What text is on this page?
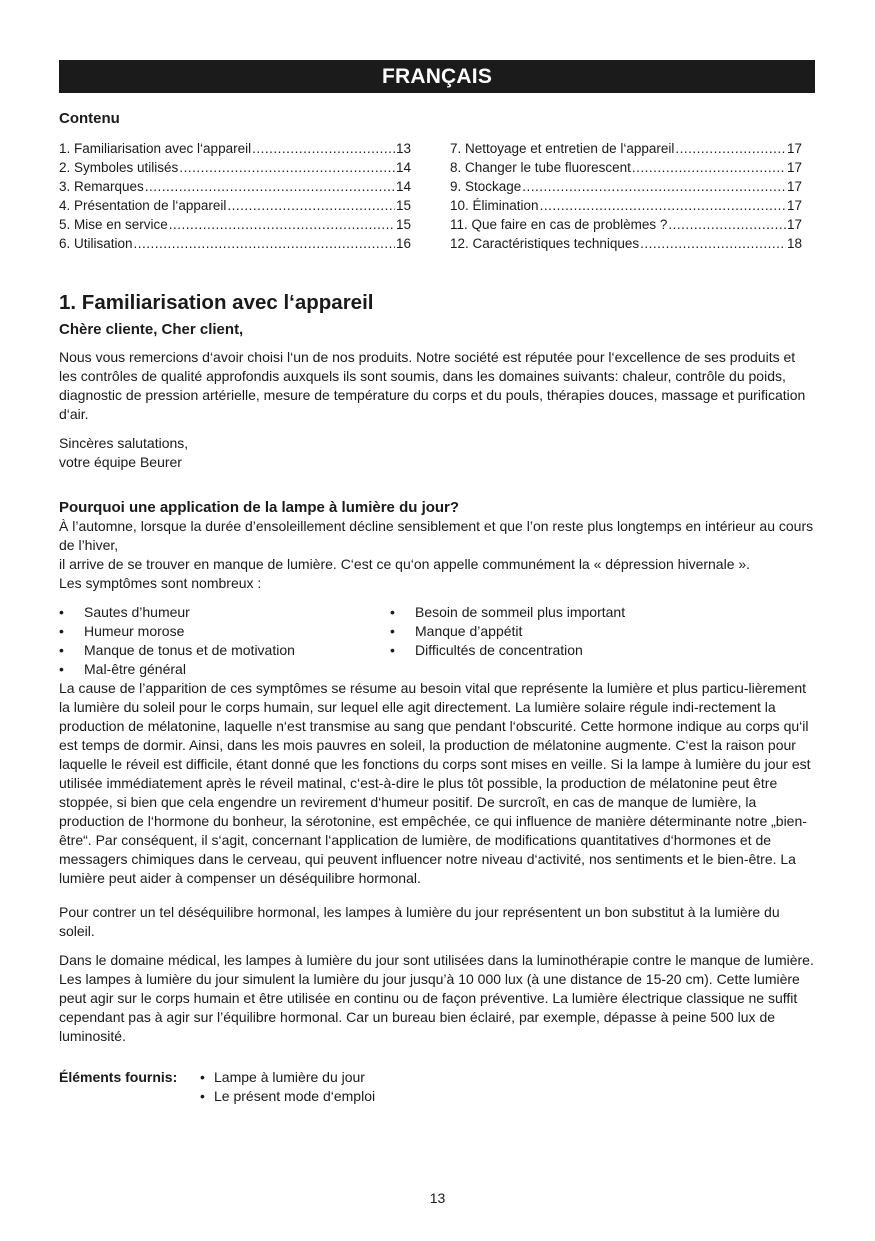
FRANÇAIS
Contenu
1. Familiarisation avec l‘appareil .....	13
2. Symboles utilisés .....	14
3. Remarques .....	14
4. Présentation de l‘appareil .....	15
5. Mise en service .....	15
6. Utilisation .....	16
7. Nettoyage et entretien de l‘appareil .....	17
8. Changer le tube fluorescent .....	17
9. Stockage .....	17
10. Élimination .....	17
11. Que faire en cas de problèmes ? .....	17
12. Caractéristiques techniques .....	18
1. Familiarisation avec l‘appareil
Chère cliente, Cher client,

Nous vous remercions d‘avoir choisi l‘un de nos produits. Notre société est réputée pour l‘excellence de ses produits et les contrôles de qualité approfondis auxquels ils sont soumis, dans les domaines suivants: chaleur, contrôle du poids, diagnostic de pression artérielle, mesure de température du corps et du pouls, thérapies douces, massage et purification d‘air.

Sincères salutations,
votre équipe Beurer
Pourquoi une application de la lampe à lumière du jour?
À l’automne, lorsque la durée d’ensoleillement décline sensiblement et que l’on reste plus longtemps en intérieur au cours de l’hiver,
il arrive de se trouver en manque de lumière. C‘est ce qu‘on appelle communément la « dépression hivernale ».
Les symptômes sont nombreux :
• Sautes d’humeur
• Humeur morose
• Manque de tonus et de motivation
• Mal-être général
• Besoin de sommeil plus important
• Manque d’appétit
• Difficultés de concentration

La cause de l’apparition de ces symptômes se résume au besoin vital que représente la lumière et plus particu-lièrement la lumière du soleil pour le corps humain, sur lequel elle agit directement. La lumière solaire régule indi-rectement la production de mélatonine, laquelle n‘est transmise au sang que pendant l‘obscurité. Cette hormone indique au corps qu‘il est temps de dormir. Ainsi, dans les mois pauvres en soleil, la production de mélatonine augmente. C‘est la raison pour laquelle le réveil est difficile, étant donné que les fonctions du corps sont mises en veille. Si la lampe à lumière du jour est utilisée immédiatement après le réveil matinal, c‘est-à-dire le plus tôt possible, la production de mélatonine peut être stoppée, si bien que cela engendre un revirement d‘humeur positif. De surcroît, en cas de manque de lumière, la production de l‘hormone du bonheur, la sérotonine, est empêchée, ce qui influence de manière déterminante notre „bien-être“. Par conséquent, il s‘agit, concernant l‘application de lumière, de modifications quantitatives d‘hormones et de messagers chimiques dans le cerveau, qui peuvent influencer notre niveau d‘activité, nos sentiments et le bien-être. La lumière peut aider à compenser un déséquilibre hormonal.

Pour contrer un tel déséquilibre hormonal, les lampes à lumière du jour représentent un bon substitut à la lumière du soleil.

Dans le domaine médical, les lampes à lumière du jour sont utilisées dans la luminothérapie contre le manque de lumière. Les lampes à lumière du jour simulent la lumière du jour jusqu’à 10 000 lux (à une distance de 15-20 cm). Cette lumière peut agir sur le corps humain et être utilisée en continu ou de façon préventive. La lumière électrique classique ne suffit cependant pas à agir sur l’équilibre hormonal. Car un bureau bien éclairé, par exemple, dépasse à peine 500 lux de luminosité.

Éléments fournis:	• Lampe à lumière du jour
• Le présent mode d‘emploi
13
